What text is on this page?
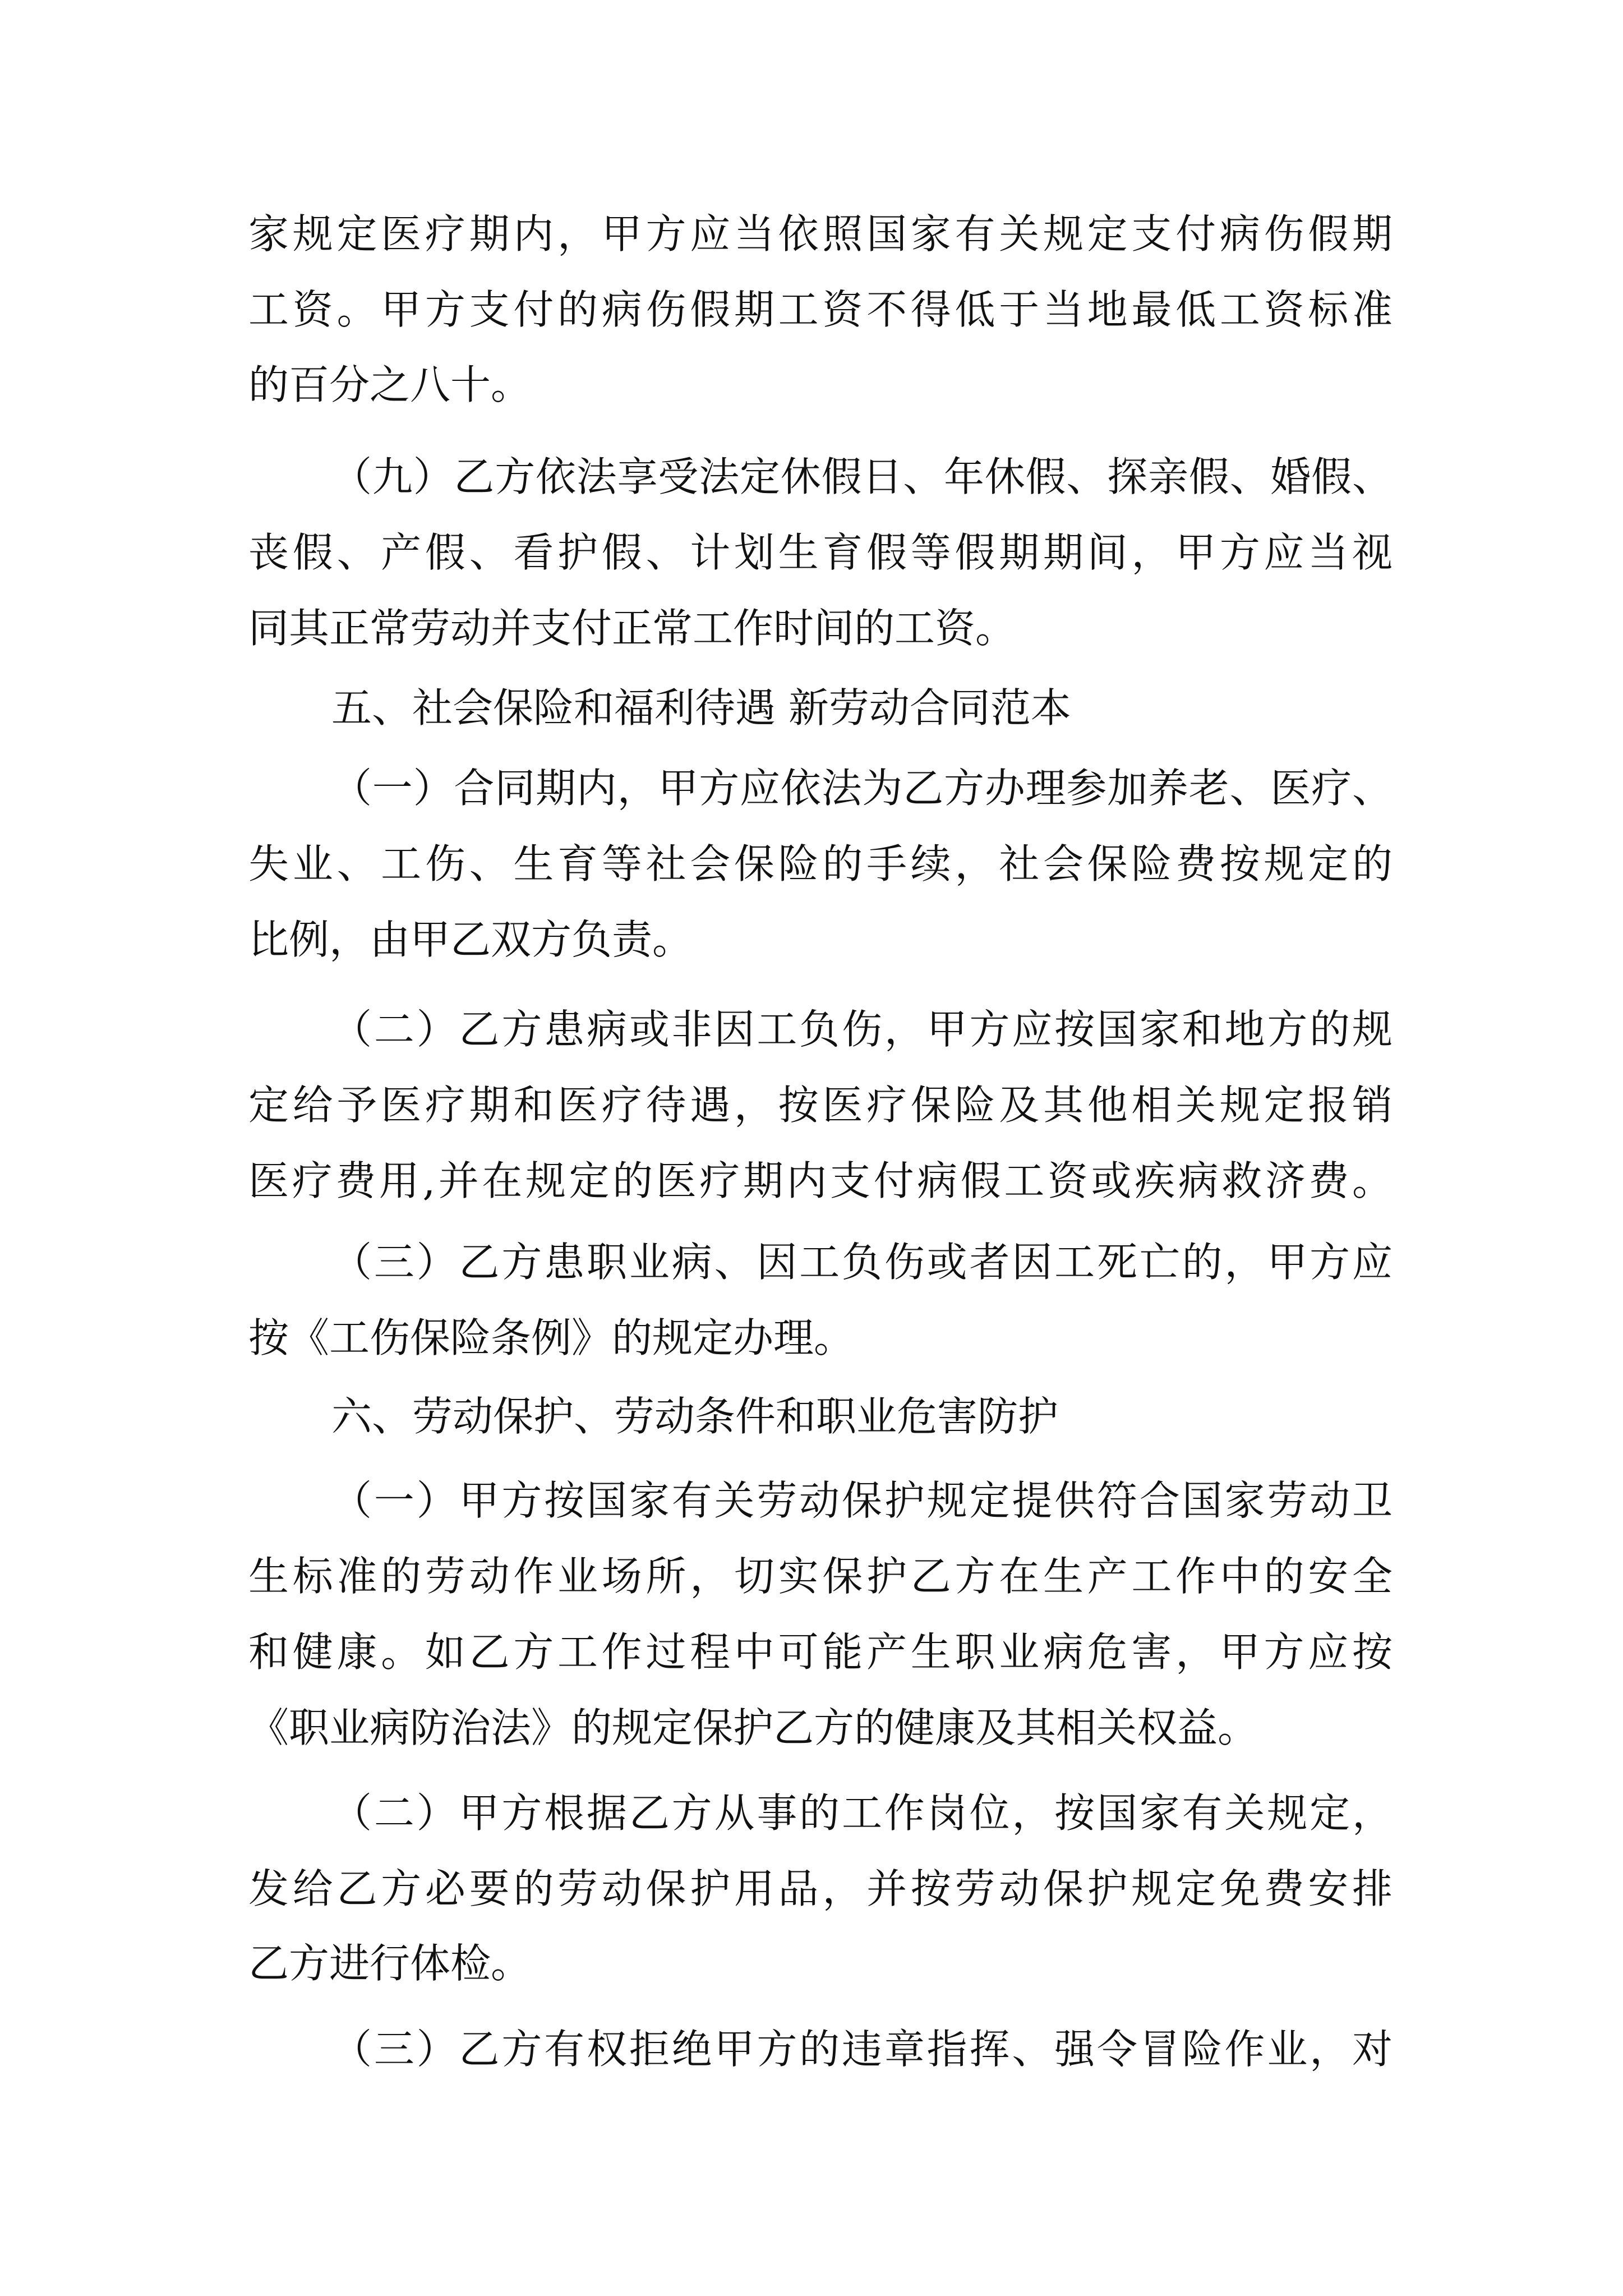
家规定医疗期内，甲方应当依照国家有关规定支付病伤假期
工资。甲方支付的病伤假期工资不得低于当地最低工资标准
的百分之八十。
（九）乙方依法享受法定休假日、年休假、探亲假、婚假、
丧假、产假、看护假、计划生育假等假期期间，甲方应当视
同其正常劳动并支付正常工作时间的工资。
五、社会保险和福利待遇 新劳动合同范本
（一）合同期内，甲方应依法为乙方办理参加养老、医疗、
失业、工伤、生育等社会保险的手续，社会保险费按规定的
比例，由甲乙双方负责。
（二）乙方患病或非因工负伤，甲方应按国家和地方的规
定给予医疗期和医疗待遇，按医疗保险及其他相关规定报销
医疗费用,并在规定的医疗期内支付病假工资或疾病救济费。
（三）乙方患职业病、因工负伤或者因工死亡的，甲方应
按《工伤保险条例》的规定办理。
六、劳动保护、劳动条件和职业危害防护
（一）甲方按国家有关劳动保护规定提供符合国家劳动卫
生标准的劳动作业场所，切实保护乙方在生产工作中的安全
和健康。如乙方工作过程中可能产生职业病危害，甲方应按
《职业病防治法》的规定保护乙方的健康及其相关权益。
（二）甲方根据乙方从事的工作岗位，按国家有关规定，
发给乙方必要的劳动保护用品，并按劳动保护规定免费安排
乙方进行体检。
（三）乙方有权拒绝甲方的违章指挥、强令冒险作业，对
